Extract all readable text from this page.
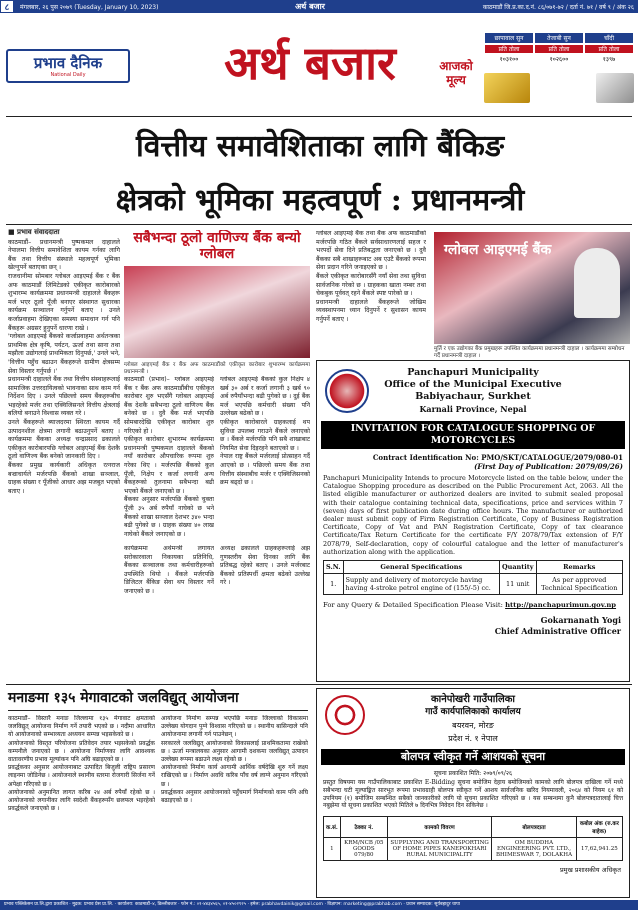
८	मंगलबार, २६ पुस २०७९ (Tuesday, January 10, 2023)	अर्थ बजार	काठमाडौं जि.प्र.का.द.नं. ८६/०७१-७२ / दर्ता नं. ७१ / वर्ष ९ / अंक २६
प्रभाव दैनिक
National Daily	अर्थ बजार	आजको
मूल्य
छापावाल सुन	तेजाबी सुन	चाँदी
प्रति तोला	प्रति तोला	प्रति तोला
१०३१००	१०२६००	१३९७
वित्तीय समावेशिताका लागि बैंकिङ
क्षेत्रको भूमिका महत्वपूर्ण : प्रधानमन्त्री
■ प्रभाव संवाददाता

काठमाडौं– प्रधानमन्त्री पुष्पकमल दाहालले नेपालमा वित्तीय समावेशिता कायम गर्नका लागि बैंक तथा वित्तीय संस्थाले महत्वपूर्ण भूमिका खेल्नुपर्ने बताएका छन् ।

राजधानीमा सोमबार ग्लोबल आइएमई बैंक र बैंक अफ काठमाडौं लिमिटेडको एकीकृत कारोबारको शुभारम्भ कार्यक्रममा प्रधानमन्त्री दाहालले बैंकहरू मर्ज भएर ठूलो पूँजी बनाएर संस्थागत सुधारका कार्यक्रम सञ्चालन गर्नुपर्ने बताए । उनले कर्जाप्रवाहमा देखिएका समस्या समाधान गर्न पनि बैंकहरू अग्रसर हुनुपर्ने धारणा राखे ।

'ग्लोबल आइएमई बैंकको कर्जाप्रवाहमा अर्थतन्त्रका प्राथमिक क्षेत्र कृषि, पर्यटन, ऊर्जा तथा साना तथा मझौला उद्योगलाई प्राथमिकता दिनुपर्छ,' उनले भने, 'वित्तीय पहुँच बढाउन बैंकहरूले ग्रामीण क्षेत्रसम्म सेवा विस्तार गर्नुपर्छ ।'

प्रधानमन्त्री दाहालले बैंक तथा वित्तीय संस्थाहरूलाई सामाजिक उत्तरदायित्वको भावनाका साथ काम गर्न निर्देशन दिए । उनले पछिल्लो समय बैंकहरूबीच भइरहेको मर्जर तथा एक्विजिसनले वित्तीय क्षेत्रलाई बलियो बनाउने विश्वास व्यक्त गरे ।

उनले बैंकहरूले ब्याजदरमा स्थिरता कायम गर्दै उत्पादनशील क्षेत्रमा लगानी बढाउनुपर्ने बताए । कार्यक्रममा बैंकका अध्यक्ष चन्द्रप्रसाद ढकालले एकीकृत कारोबारपछि ग्लोबल आइएमई बैंक देशकै ठूलो वाणिज्य बैंक बनेको जानकारी दिए ।

बैंकका प्रमुख कार्यकारी अधिकृत रत्नराज बज्राचार्यले मर्जरपछि बैंकको शाखा सञ्जाल, ग्राहक संख्या र पूँजीको आधार अझ मजबुत भएको बताए ।

सबैभन्दा ठूलो वाणिज्य बैंक बन्यो ग्लोबल
ग्लोबल आइएमई बैंक र बैंक अफ काठमाडौंको एकीकृत कारोबार शुभारम्भ कार्यक्रममा प्रधानमन्त्री ।

काठमाडौं (प्रभाव)– ग्लोबल आइएमई बैंक र बैंक अफ काठमाडौंबीच एकीकृत कारोबार शुरु भएसँगै ग्लोबल आइएमई बैंक देशकै सबैभन्दा ठूलो वाणिज्य बैंक बनेको छ । दुवै बैंक मर्ज भएपछि सोमबारदेखि एकीकृत कारोबार शुरु गरिएको हो ।

एकीकृत कारोबार शुभारम्भ कार्यक्रममा प्रधानमन्त्री पुष्पकमल दाहालले बैंकको नयाँ कारोबार औपचारिक रूपमा शुरु गरेका थिए । मर्जरपछि बैंकको कुल पूँजी, निक्षेप र कर्जा लगानी अन्य बैंकहरूको तुलनामा सबैभन्दा बढी भएको बैंकले जनाएको छ ।

बैंकका अनुसार मर्जरपछि बैंकको चुक्ता पूँजी ३५ अर्ब रुपैयाँ नाघेको छ भने बैंकको शाखा सञ्जाल देशभर ३४० भन्दा बढी पुगेको छ । ग्राहक संख्या ४० लाख नाघेको बैंकले जनाएको छ ।

ग्लोबल आइएमई बैंकको कुल निक्षेप ४ खर्ब ३० अर्ब र कर्जा लगानी ३ खर्ब ९० अर्ब रुपैयाँभन्दा बढी पुगेको छ । दुई बैंक मर्ज भएपछि कर्मचारी संख्या पनि उल्लेख्य बढेको छ ।

एकीकृत कारोबारले ग्राहकलाई थप सुविधा उपलब्ध गराउने बैंकले जनाएको छ । बैंकले मर्जरपछि पनि सबै शाखाबाट नियमित सेवा दिइरहने बताएको छ ।

नेपाल राष्ट्र बैंकले मर्जरलाई प्रोत्साहन गर्दै आएको छ । पछिल्लो समय बैंक तथा वित्तीय संस्थाबीच मर्जर र एक्विजिसनको क्रम बढ्दो छ ।

कार्यक्रममा अर्थमन्त्री लगायत सरोकारवाला निकायका प्रतिनिधि, बैंकका सञ्चालक तथा कर्मचारीहरूको उपस्थिति थियो । बैंकले मर्जरपछि डिजिटल बैंकिङ सेवा थप विस्तार गर्ने जनाएको छ ।

अध्यक्ष ढकालले ग्राहकहरूलाई अझ गुणस्तरीय सेवा दिनका लागि बैंक प्रतिबद्ध रहेको बताए । उनले मर्जरबाट बैंकको प्रतिस्पर्धी क्षमता बढेको उल्लेख गरे ।

ग्लोबल आइएमई बैंक तथा बैंक अफ काठमाडौंको मर्जरपछि गठित बैंकले सर्वसाधारणलाई सहज र भरपर्दो सेवा दिने प्रतिबद्धता जनाएको छ । दुवै बैंकका सबै शाखाहरूबाट अब एउटै बैंकको रूपमा सेवा प्रदान गरिने जनाइएको छ ।

बैंकले एकीकृत कारोबारसँगै नयाँ सेवा तथा सुविधा सार्वजनिक गरेको छ । ग्राहकका खाता नम्बर तथा चेकबुक पूर्ववत् रहने बैंकले स्पष्ट पारेको छ ।

प्रधानमन्त्री दाहालले बैंकहरूले जोखिम व्यवस्थापनमा ध्यान दिनुपर्ने र सुशासन कायम गर्नुपर्ने बताए ।

ग्लोबल आइएमई बैंक
मुर्ति र एक उद्योगका बैंक प्रमुखहरू उपस्थित कार्यक्रममा प्रधानमन्त्री दाहाल । कार्यक्रममा सम्बोधन गर्दै प्रधानमन्त्री दाहाल ।
Panchapuri Municipality
Office of the Municipal Executive
Babiyachaur, Surkhet
Karnali Province, Nepal
INVITATION FOR CATALOGUE SHOPPING OF
MOTORCYCLES
Contract Identification No: PMO/SKT/CATALOGUE/2079/080-01
(First Day of Publication: 2079/09/26)
Panchapuri Municipality Intends to procure Motorcycle listed on the table below, under the Catalogue Shopping procedure as described on the Public Procurement Act, 2063. All the listed eligible manufacturer or authorized dealers are invited to submit sealed proposal with their catalogue containing technical data, specifications, price and services within 7 (seven) days of first publication date during office hours. The manufacturer or authorized dealer must submit copy of Firm Registration Certificate, Copy of Business Registration Certificate, Copy of Vat and PAN Registration Certificate, Copy of tax clearance Certificate/Tax Return Certificate for the certificate F/Y 2078/79/Tax extension of F/Y 2078/79, Self-declaration, copy of colourful catalogue and the letter of manufacturer's authorization along with the application.
S.N.	General Specifications	Quantity	Remarks
1.	Supply and delivery of motorcycle having having 4-stroke petrol engine of (155/-5) cc.	11 unit	As per approved Technical Specification
For any Query & Detailed Specification Please Visit: http://panchapurimun.gov.np
Gokarnanath Yogi
Chief Administrative Officer
मनाङमा १३५ मेगावाटको जलविद्युत् आयोजना

काठमाडौं– विस्तारै मनाङ जिल्लामा १३५ मेगावाट क्षमताको जलविद्युत् आयोजना निर्माण गर्ने तयारी भएको छ । नदीमा आधारित यो आयोजनाको सम्भाव्यता अध्ययन सम्पन्न भइसकेको छ ।

आयोजनाको विस्तृत परियोजना प्रतिवेदन तयार भइसकेको प्रवर्द्धक कम्पनीले जनाएको छ । आयोजना निर्माणका लागि आवश्यक वातावरणीय प्रभाव मूल्यांकन पनि अघि बढाइएको छ ।

प्रवर्द्धकका अनुसार आयोजनाबाट उत्पादित बिजुली राष्ट्रिय प्रसारण लाइनमा जोडिनेछ । आयोजनाले स्थानीय स्तरमा रोजगारी सिर्जना गर्ने अपेक्षा गरिएको छ ।

आयोजनाको अनुमानित लागत करिब २४ अर्ब रुपैयाँ रहेको छ । आयोजनाको लगानीका लागि स्वदेशी बैंकहरूसँग छलफल भइरहेको प्रवर्द्धकले जनाएको छ ।

आयोजना निर्माण सम्पन्न भएपछि मनाङ जिल्लाको विकासमा उल्लेख्य योगदान पुग्ने विश्वास गरिएको छ । स्थानीय बासिन्दाले पनि आयोजनामा लगानी गर्न पाउनेछन् ।

सरकारले जलविद्युत् आयोजनाको विकासलाई प्राथमिकतामा राखेको छ । ऊर्जा मन्त्रालयका अनुसार आगामी दशकमा जलविद्युत् उत्पादन उल्लेख्य रूपमा बढाउने लक्ष्य रहेको छ ।

आयोजनाको निर्माण कार्य आगामी आर्थिक वर्षदेखि शुरु गर्ने लक्ष्य राखिएको छ । निर्माण अवधि करिब पाँच वर्ष लाग्ने अनुमान गरिएको छ ।

प्रवर्द्धकका अनुसार आयोजनाको पहुँचमार्ग निर्माणको काम पनि अघि बढाइएको छ ।

कानेपोखरी गाउँपालिका
गाउँ कार्यपालिकाको कार्यालय
बयरवन, मोरङ
प्रदेश नं. १ नेपाल
बोलपत्र स्वीकृत गर्ने आशयको सूचना
सूचना प्रकाशित मिति: २०७९/०९/२६
प्रस्तुत विषयमा यस गाउँपालिकाबाट प्रकाशित E-Bidding सूचना बमोजिम देहाय बमोजिमको कामको लागि बोलपत्र दाखिला गर्ने मध्ये सबैभन्दा घटी मूल्याङ्कित सारभूत रूपमा प्रभावग्राही बोलपत्र स्वीकृत गर्ने आशय सार्वजनिक खरिद नियमावली, २०६४ को नियम ६१ को उपनियम (१) बमोजिम सम्बन्धित सबैको जानकारीको लागि यो सूचना प्रकाशित गरिएको छ । यस सम्बन्धमा कुनै बोलपत्रदातालाई चित्त नबुझेमा यो सूचना प्रकाशित भएको मितिले ७ दिनभित्र निवेदन दिन सकिनेछ ।
क.सं.	ठेक्का नं.	कामको विवरण	बोलपत्रदाता	कबोल अंक (रु.कर बाहेक)
1	KRM/NCB /05 GOODS 079/80	SUPPLYING AND TRANSPORTING OF HOME PIPES KANEPOKHARI RURAL MUNICIPALITY	OM BUDDHA ENGINEERING PVT. LTD., BHIMESWAR 7, DOLAKHA	17,62,941.25
प्रमुख प्रशासकीय अधिकृत
प्रभाव पब्लिकेसन प्रा.लि.द्वारा प्रकाशित · मुद्रक: प्रभाव प्रेस प्रा.लि. · कार्यालय: काठमाडौं–४, डिल्लीबजार · फोन नं.: ०१-४४३४५६५, ०१-४५०२९२५ · इमेल: prabhavdainik@gmail.com · विज्ञापन: marketing@prabhab.com · प्रधान सम्पादक: सूर्यबहादुर थापा
